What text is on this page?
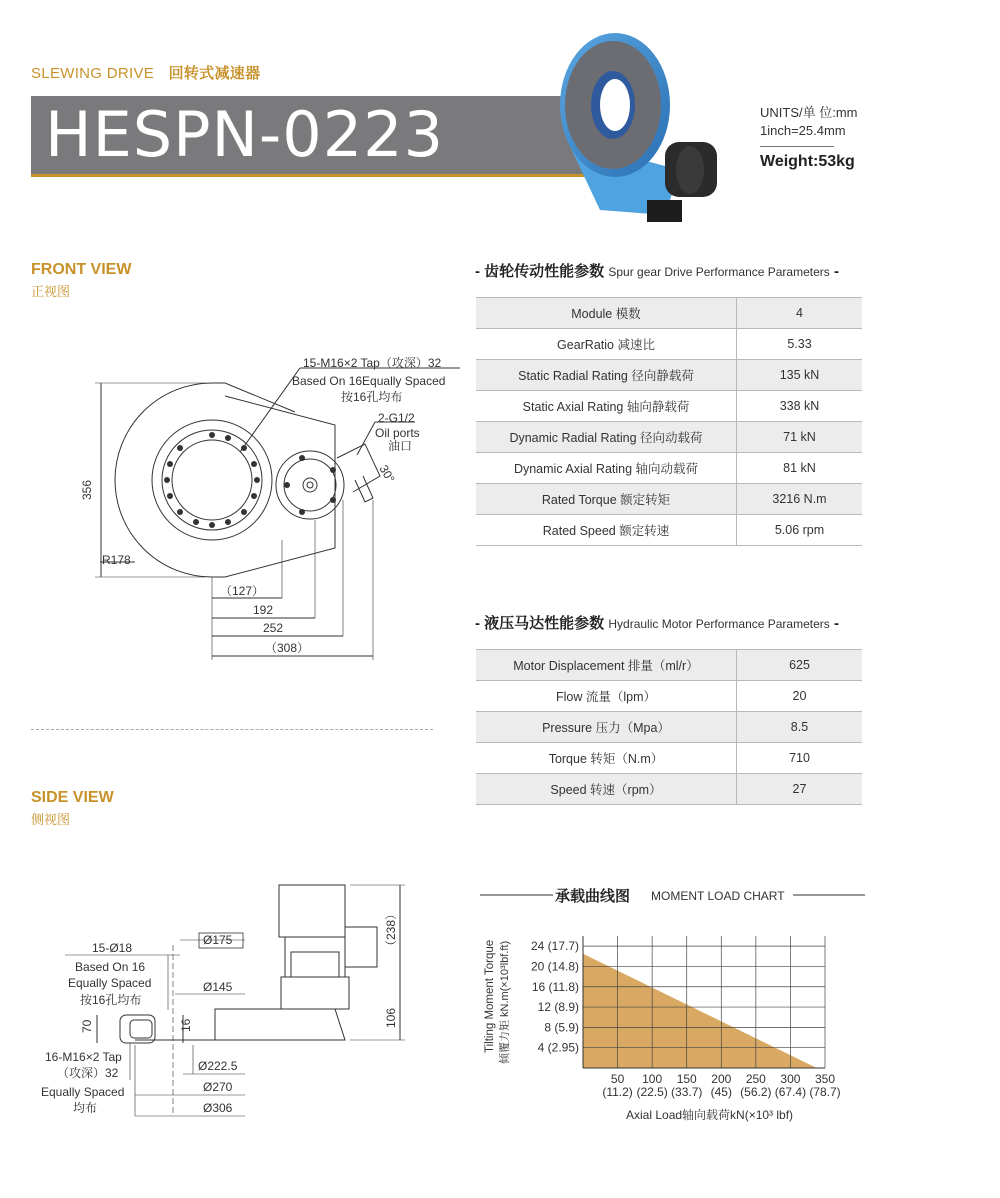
SLEWING DRIVE 回转式减速器
HESPN-0223	UNITS/单 位:mm
1inch=25.4mm
Weight:53kg
FRONT VIEW
正视图
15-M16×2 Tap（攻深）32
Based On 16Equally Spaced
按16孔均布
2-G1/2
Oil ports
油口
30°
356
R178
（127）
192
252
（308）
SIDE VIEW
侧视图
15-Ø18
Based On 16
Equally Spaced
按16孔均布
Ø175
Ø145
70	16
16-M16×2 Tap
（攻深）32
Equally Spaced
均布
Ø222.5
Ø270
Ø306
（238）
106
- 齿轮传动性能参数 Spur gear Drive Performance Parameters -
Module 模数	4
GearRatio 减速比	5.33
Static Radial Rating 径向静载荷	135 kN
Static Axial Rating 轴向静载荷	338 kN
Dynamic Radial Rating 径向动载荷	71 kN
Dynamic Axial Rating 轴向动载荷	81 kN
Rated Torque 额定转矩	3216 N.m
Rated Speed 额定转速	5.06 rpm
- 液压马达性能参数 Hydraulic Motor Performance Parameters -
Motor Displacement 排量（ml/r）	625
Flow 流量（lpm）	20
Pressure 压力（Mpa）	8.5
Torque 转矩（N.m）	710
Speed 转速（rpm）	27
承载曲线图 MOMENT LOAD CHART
Tilting Moment Torque 倾覆力矩 kN.m(×10³lbf.ft)
Axial Load轴向载荷kN(×10³ lbf)
4 (2.95)
8 (5.9)
12 (8.9)
16 (11.8)
20 (14.8)
24 (17.7)
50
(11.2)
100
(22.5)
150
(33.7)
200
(45)
250
(56.2)
300
(67.4)
350
(78.7)
